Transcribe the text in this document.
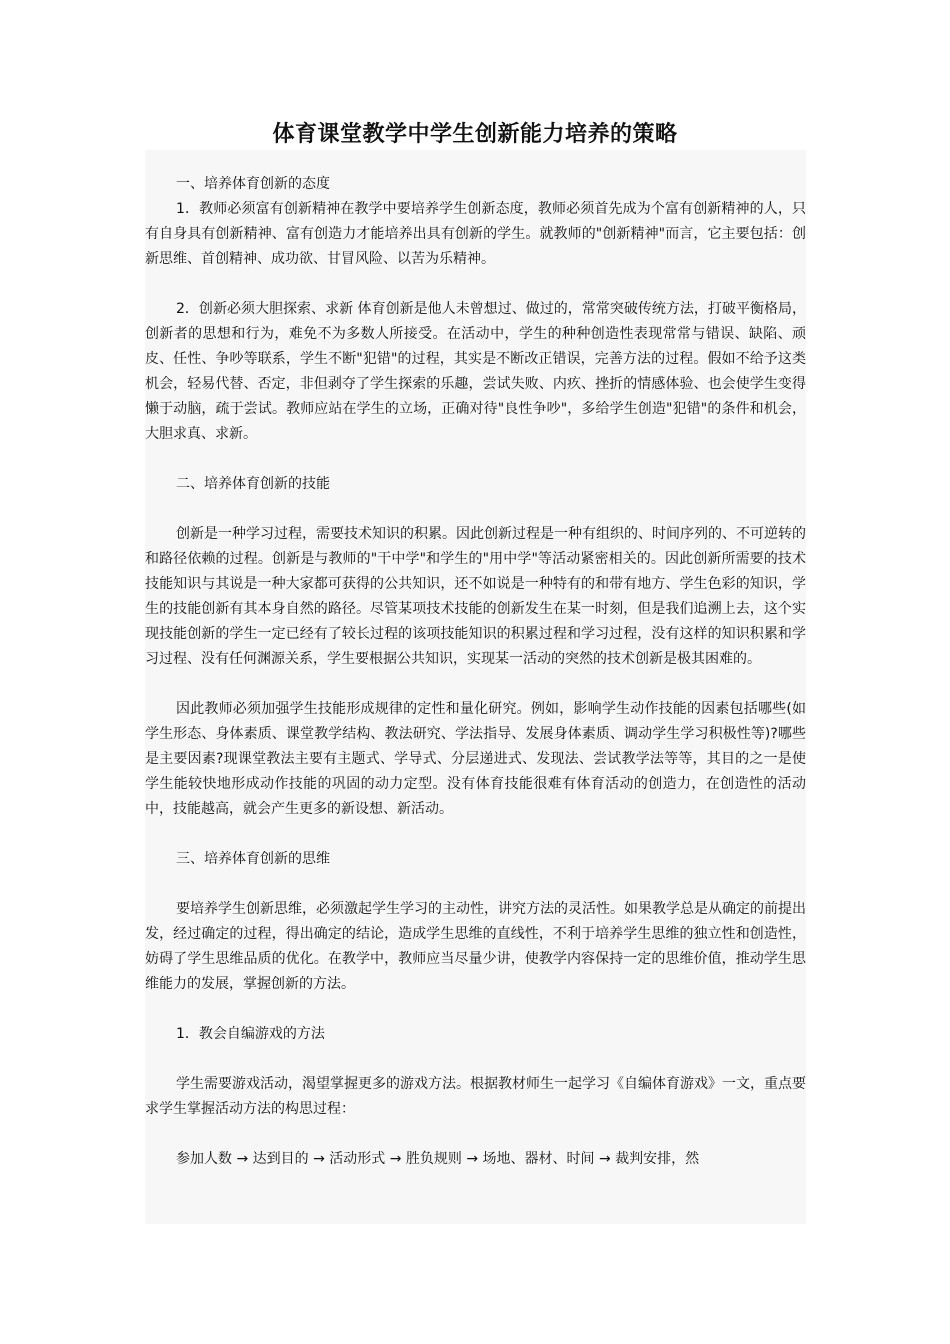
体育课堂教学中学生创新能力培养的策略

一、培养体育创新的态度

1．教师必须富有创新精神在教学中要培养学生创新态度，教师必须首先成为个富有创新精神的人，只有自身具有创新精神、富有创造力才能培养出具有创新的学生。就教师的"创新精神"而言，它主要包括：创新思维、首创精神、成功欲、甘冒风险、以苦为乐精神。

2．创新必须大胆探索、求新 体育创新是他人未曾想过、做过的，常常突破传统方法，打破平衡格局，创新者的思想和行为，难免不为多数人所接受。在活动中，学生的种种创造性表现常常与错误、缺陷、顽皮、任性、争吵等联系，学生不断"犯错"的过程，其实是不断改正错误，完善方法的过程。假如不给予这类机会，轻易代替、否定，非但剥夺了学生探索的乐趣，尝试失败、内疚、挫折的情感体验、也会使学生变得懒于动脑，疏于尝试。教师应站在学生的立场，正确对待"良性争吵"，多给学生创造"犯错"的条件和机会，大胆求真、求新。

二、培养体育创新的技能

创新是一种学习过程，需要技术知识的积累。因此创新过程是一种有组织的、时间序列的、不可逆转的和路径依赖的过程。创新是与教师的"干中学"和学生的"用中学"等活动紧密相关的。因此创新所需要的技术技能知识与其说是一种大家都可获得的公共知识，还不如说是一种特有的和带有地方、学生色彩的知识，学生的技能创新有其本身自然的路径。尽管某项技术技能的创新发生在某一时刻，但是我们追溯上去，这个实现技能创新的学生一定已经有了较长过程的该项技能知识的积累过程和学习过程，没有这样的知识积累和学习过程、没有任何渊源关系，学生要根据公共知识，实现某一活动的突然的技术创新是极其困难的。

因此教师必须加强学生技能形成规律的定性和量化研究。例如，影响学生动作技能的因素包括哪些(如学生形态、身体素质、课堂教学结构、教法研究、学法指导、发展身体素质、调动学生学习积极性等)?哪些是主要因素?现课堂教法主要有主题式、学导式、分层递进式、发现法、尝试教学法等等，其目的之一是使学生能较快地形成动作技能的巩固的动力定型。没有体育技能很难有体育活动的创造力，在创造性的活动中，技能越高，就会产生更多的新设想、新活动。

三、培养体育创新的思维

要培养学生创新思维，必须激起学生学习的主动性，讲究方法的灵活性。如果教学总是从确定的前提出发，经过确定的过程，得出确定的结论，造成学生思维的直线性，不利于培养学生思维的独立性和创造性，妨碍了学生思维品质的优化。在教学中，教师应当尽量少讲，使教学内容保持一定的思维价值，推动学生思维能力的发展，掌握创新的方法。

1．教会自编游戏的方法

学生需要游戏活动，渴望掌握更多的游戏方法。根据教材师生一起学习《自编体育游戏》一文，重点要求学生掌握活动方法的构思过程：

参加人数 → 达到目的 → 活动形式 → 胜负规则 → 场地、器材、时间 → 裁判安排，然
